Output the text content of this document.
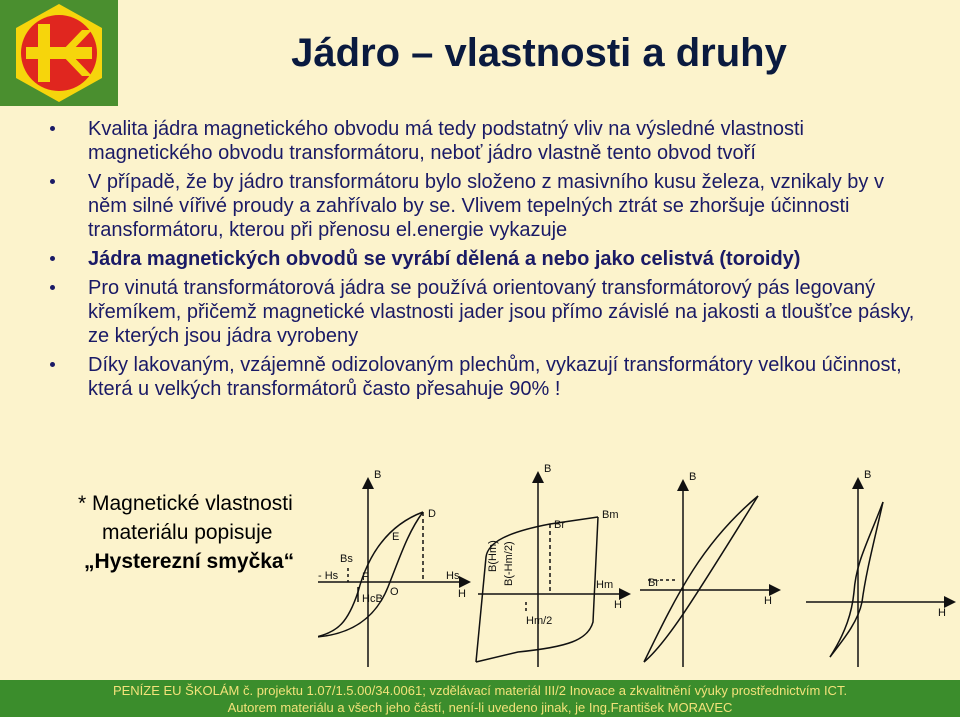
Jádro – vlastnosti a druhy
Kvalita jádra magnetického obvodu má tedy podstatný vliv na výsledné vlastnosti magnetického obvodu transformátoru, neboť jádro vlastně tento obvod tvoří
V případě, že by jádro transformátoru bylo složeno z masivního kusu železa, vznikaly by v něm silné vířivé proudy a zahřívalo by se. Vlivem tepelných ztrát se zhoršuje účinnosti transformátoru, kterou při přenosu el.energie vykazuje
Jádra magnetických obvodů se vyrábí dělená a nebo jako celistvá (toroidy)
Pro vinutá transformátorová jádra se používá orientovaný transformátorový pás legovaný křemíkem, přičemž magnetické vlastnosti jader jsou přímo závislé na jakosti a tloušťce pásky, ze kterých jsou jádra vyrobeny
Díky lakovaným, vzájemně odizolovaným plechům, vykazují transformátory velkou účinnost, která u velkých transformátorů často přesahuje 90% !
* Magnetické vlastnosti
materiálu popisuje
„Hysterezní smyčka“
B
H
- Hs	Hs
HcB
O
F
E
D
Bs
B
H
Br
Bm
B(Hm) B(-Hm/2)	Hm
Hm/2
B
H
Br
B
H
PENÍZE EU ŠKOLÁM č. projektu 1.07/1.5.00/34.0061; vzdělávací materiál III/2 Inovace a zkvalitnění výuky prostřednictvím ICT.
Autorem materiálu a všech jeho částí, není-li uvedeno jinak, je Ing.František MORAVEC
